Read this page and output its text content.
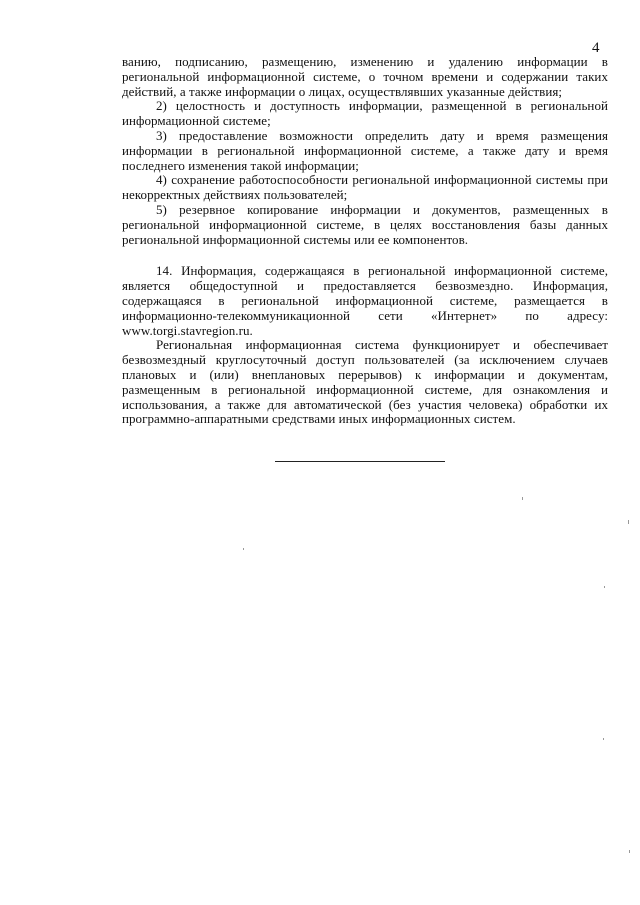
4

ванию, подписанию, размещению, изменению и удалению информации в региональной информационной системе, о точном времени и содержании таких действий, а также информации о лицах, осуществлявших указанные действия;

2) целостность и доступность информации, размещенной в региональной информационной системе;

3) предоставление возможности определить дату и время размещения информации в региональной информационной системе, а также дату и время последнего изменения такой информации;

4) сохранение работоспособности региональной информационной системы при некорректных действиях пользователей;

5) резервное копирование информации и документов, размещенных в региональной информационной системе, в целях восстановления базы данных региональной информационной системы или ее компонентов.

14. Информация, содержащаяся в региональной информационной системе, является общедоступной и предоставляется безвозмездно. Информация, содержащаяся в региональной информационной системе, размещается в информационно-телекоммуникационной сети «Интернет» по адресу: www.torgi.stavregion.ru.

Региональная информационная система функционирует и обеспечивает безвозмездный круглосуточный доступ пользователей (за исключением случаев плановых и (или) внеплановых перерывов) к информации и документам, размещенным в региональной информационной системе, для ознакомления и использования, а также для автоматической (без участия человека) обработки их программно-аппаратными средствами иных информационных систем.
